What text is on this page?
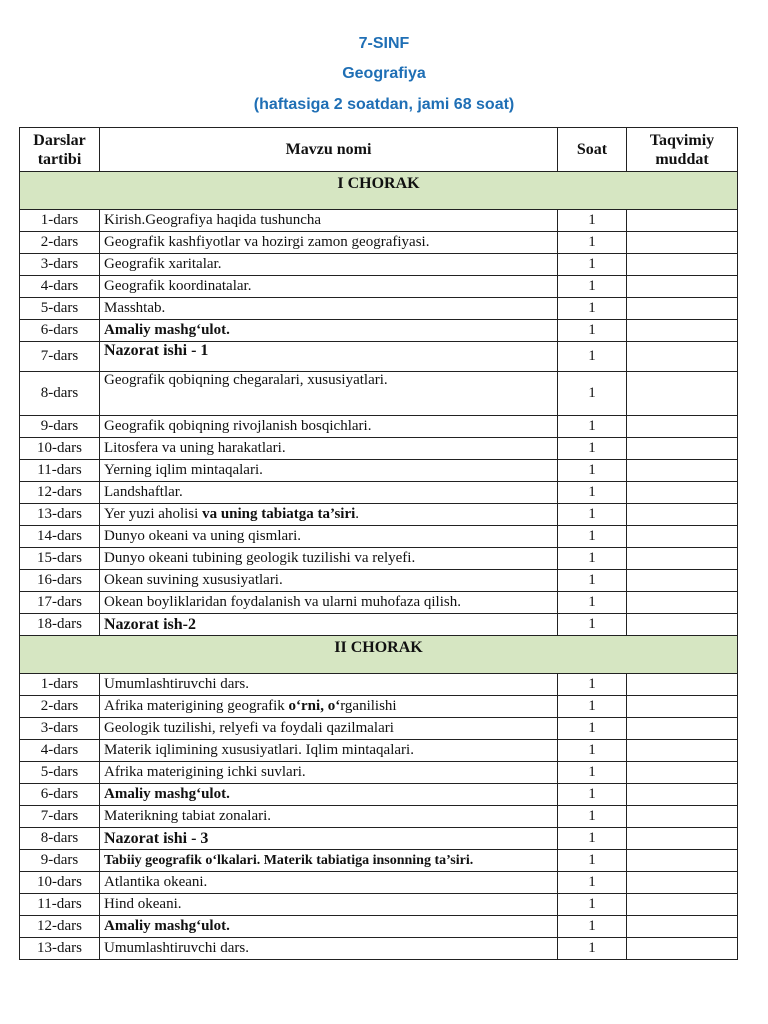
7-SINF
Geografiya
(haftasiga 2 soatdan, jami 68 soat)
Darslar tartibi	Mavzu nomi	Soat	Taqvimiy muddat
I CHORAK			
1-dars	Kirish.Geografiya haqida tushuncha	1	
2-dars	Geografik kashfiyotlar va hozirgi zamon geografiyasi.	1	
3-dars	Geografik xaritalar.	1	
4-dars	Geografik koordinatalar.	1	
5-dars	Masshtab.	1	
6-dars	Amaliy mashg‘ulot.	1	
7-dars	Nazorat ishi - 1	1	
8-dars	Geografik qobiqning chegaralari, xususiyatlari.	1	
9-dars	Geografik qobiqning rivojlanish bosqichlari.	1	
10-dars	Litosfera va uning harakatlari.	1	
11-dars	Yerning iqlim mintaqalari.	1	
12-dars	Landshaftlar.	1	
13-dars	Yer yuzi aholisi va uning tabiatga ta’siri.	1	
14-dars	Dunyo okeani va uning qismlari.	1	
15-dars	Dunyo okeani tubining geologik tuzilishi va relyefi.	1	
16-dars	Okean suvining xususiyatlari.	1	
17-dars	Okean boyliklaridan foydalanish va ularni muhofaza qilish.	1	
18-dars	Nazorat ish-2	1	
II CHORAK			
1-dars	Umumlashtiruvchi dars.	1	
2-dars	Afrika materigining geografik o‘rni, o‘rganilishi	1	
3-dars	Geologik tuzilishi, relyefi va foydali qazilmalari	1	
4-dars	Materik iqlimining xususiyatlari. Iqlim mintaqalari.	1	
5-dars	Afrika materigining ichki suvlari.	1	
6-dars	Amaliy mashg‘ulot.	1	
7-dars	Materikning tabiat zonalari.	1	
8-dars	Nazorat ishi - 3	1	
9-dars	Tabiiy geografik o‘lkalari. Materik tabiatiga insonning ta’siri.	1	
10-dars	Atlantika okeani.	1	
11-dars	Hind okeani.	1	
12-dars	Amaliy mashg‘ulot.	1	
13-dars	Umumlashtiruvchi dars.	1	
